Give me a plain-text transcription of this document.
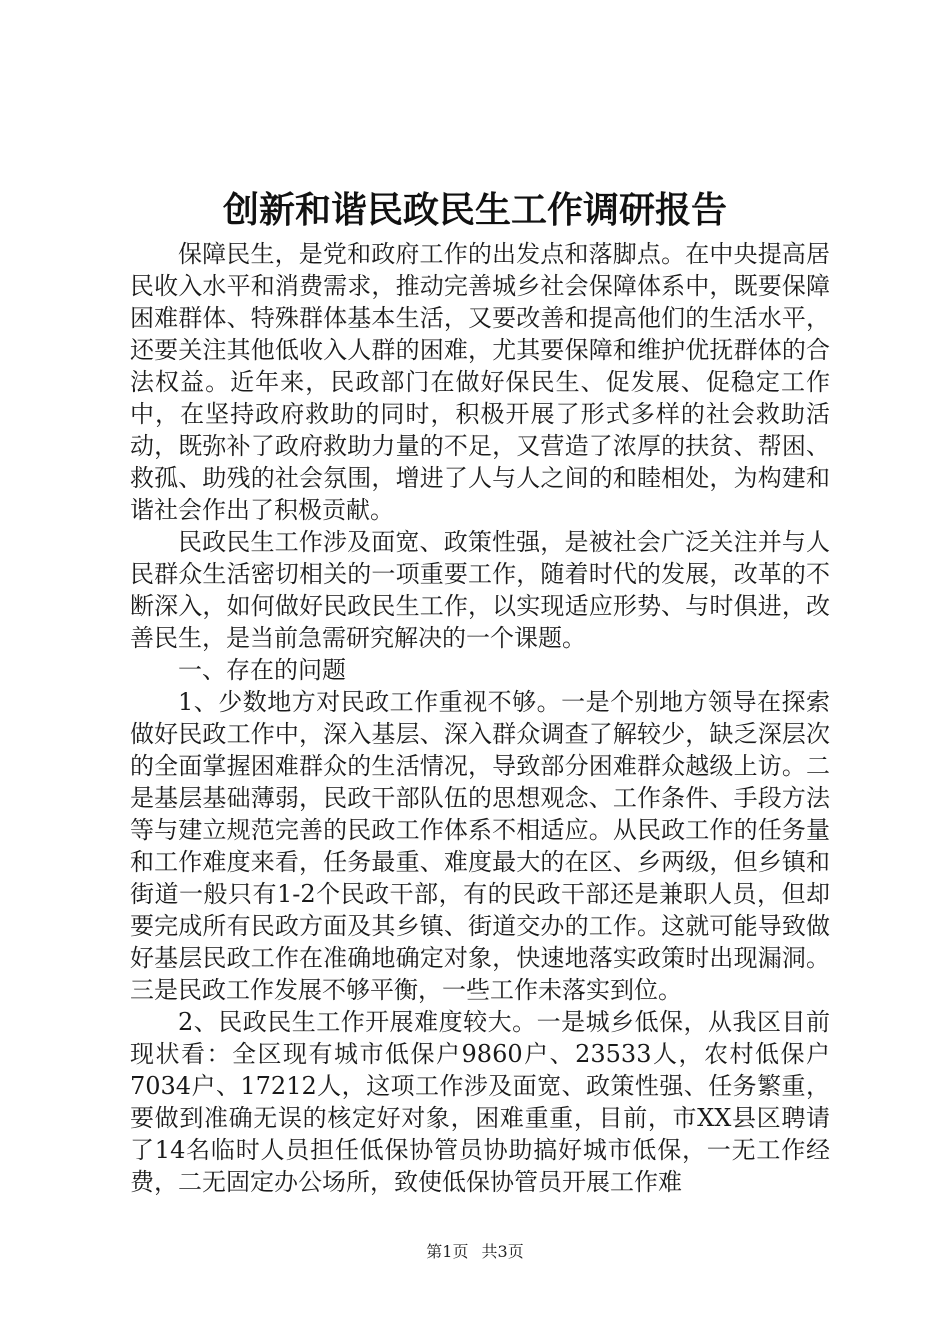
创新和谐民政民生工作调研报告

保障民生，是党和政府工作的出发点和落脚点。在中央提高居民收入水平和消费需求，推动完善城乡社会保障体系中，既要保障困难群体、特殊群体基本生活，又要改善和提高他们的生活水平，还要关注其他低收入人群的困难，尤其要保障和维护优抚群体的合法权益。近年来，民政部门在做好保民生、促发展、促稳定工作中，在坚持政府救助的同时，积极开展了形式多样的社会救助活动，既弥补了政府救助力量的不足，又营造了浓厚的扶贫、帮困、救孤、助残的社会氛围，增进了人与人之间的和睦相处，为构建和谐社会作出了积极贡献。

民政民生工作涉及面宽、政策性强，是被社会广泛关注并与人民群众生活密切相关的一项重要工作，随着时代的发展，改革的不断深入，如何做好民政民生工作，以实现适应形势、与时俱进，改善民生，是当前急需研究解决的一个课题。

一、存在的问题

1、少数地方对民政工作重视不够。一是个别地方领导在探索做好民政工作中，深入基层、深入群众调查了解较少，缺乏深层次的全面掌握困难群众的生活情况，导致部分困难群众越级上访。二是基层基础薄弱，民政干部队伍的思想观念、工作条件、手段方法等与建立规范完善的民政工作体系不相适应。从民政工作的任务量和工作难度来看，任务最重、难度最大的在区、乡两级，但乡镇和街道一般只有1-2个民政干部，有的民政干部还是兼职人员，但却要完成所有民政方面及其乡镇、街道交办的工作。这就可能导致做好基层民政工作在准确地确定对象，快速地落实政策时出现漏洞。三是民政工作发展不够平衡，一些工作未落实到位。

2、民政民生工作开展难度较大。一是城乡低保，从我区目前现状看：全区现有城市低保户9860户、23533人，农村低保户7034户、17212人，这项工作涉及面宽、政策性强、任务繁重，要做到准确无误的核定好对象，困难重重，目前，市XX县区聘请了14名临时人员担任低保协管员协助搞好城市低保，一无工作经费，二无固定办公场所，致使低保协管员开展工作难

第1页 共3页
